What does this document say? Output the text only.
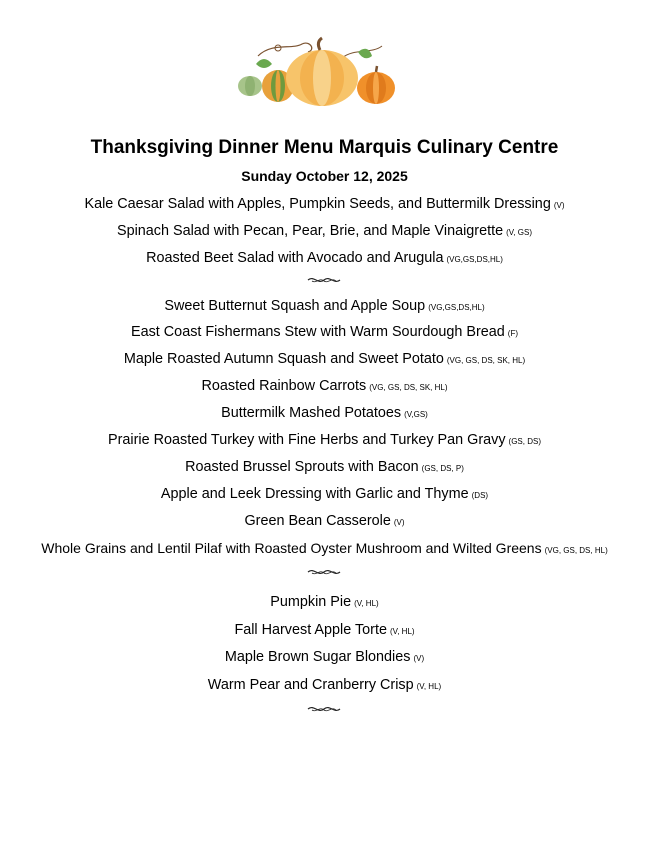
Thanksgiving Dinner Menu Marquis Culinary Centre
Sunday October 12, 2025
Kale Caesar Salad with Apples, Pumpkin Seeds, and Buttermilk Dressing (V)
Spinach Salad with Pecan, Pear, Brie, and Maple Vinaigrette (V, GS)
Roasted Beet Salad with Avocado and Arugula (VG,GS,DS,HL)
Sweet Butternut Squash and Apple Soup (VG,GS,DS,HL)
East Coast Fishermans Stew with Warm Sourdough Bread (F)
Maple Roasted Autumn Squash and Sweet Potato (VG, GS, DS, SK, HL)
Roasted Rainbow Carrots (VG, GS, DS, SK, HL)
Buttermilk Mashed Potatoes (V,GS)
Prairie Roasted Turkey with Fine Herbs and Turkey Pan Gravy (GS, DS)
Roasted Brussel Sprouts with Bacon (GS, DS, P)
Apple and Leek Dressing with Garlic and Thyme (DS)
Green Bean Casserole (V)
Whole Grains and Lentil Pilaf with Roasted Oyster Mushroom and Wilted Greens (VG, GS, DS, HL)
Pumpkin Pie (V, HL)
Fall Harvest Apple Torte (V, HL)
Maple Brown Sugar Blondies (V)
Warm Pear and Cranberry Crisp (V, HL)
